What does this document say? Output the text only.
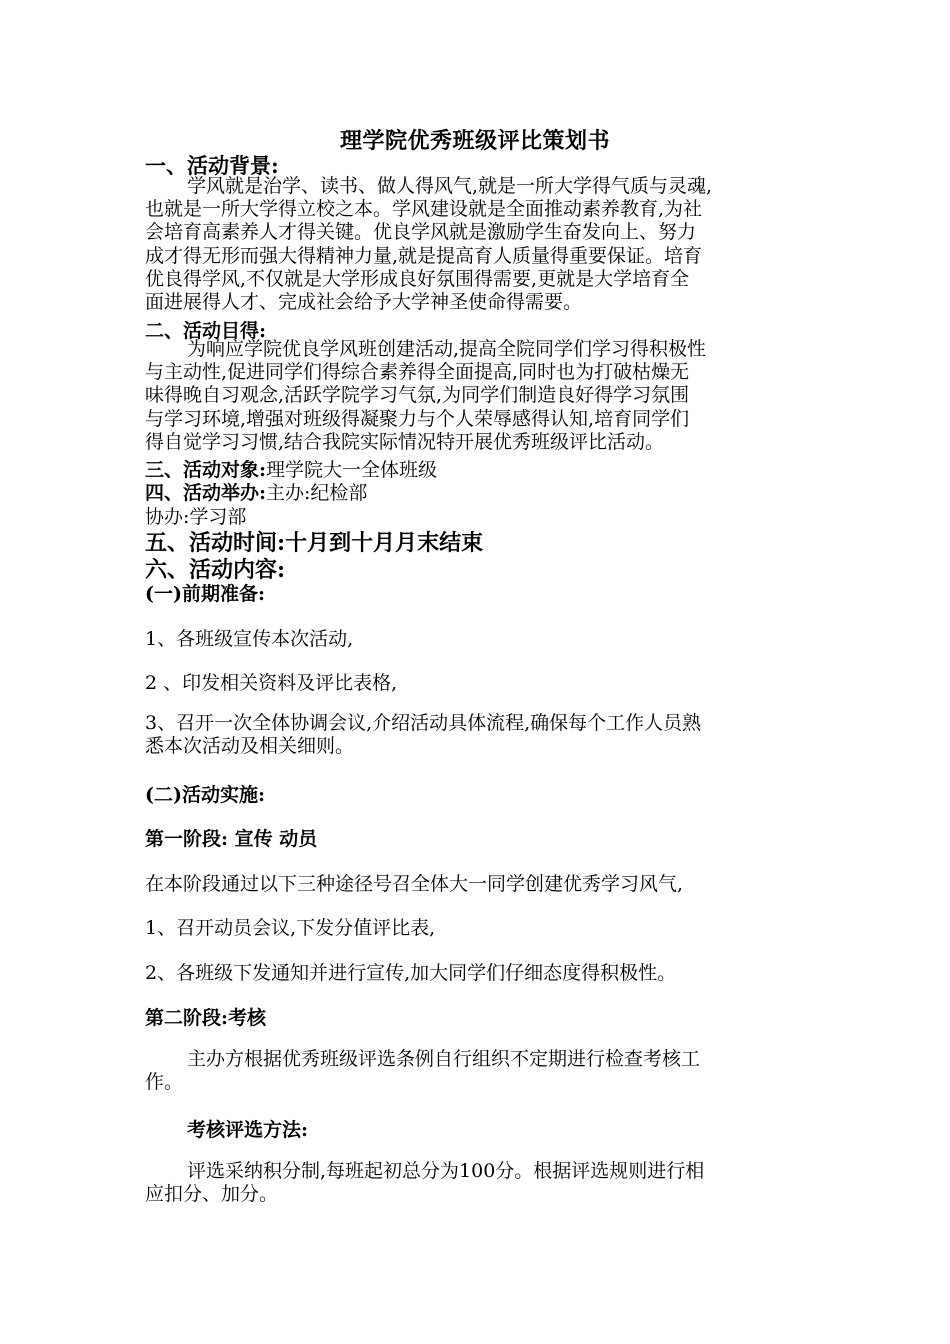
理学院优秀班级评比策划书
一、活动背景:
学风就是治学、读书、做人得风气,就是一所大学得气质与灵魂,
也就是一所大学得立校之本。学风建设就是全面推动素养教育,为社
会培育高素养人才得关键。优良学风就是激励学生奋发向上、努力
成才得无形而强大得精神力量,就是提高育人质量得重要保证。培育
优良得学风,不仅就是大学形成良好氛围得需要,更就是大学培育全
面进展得人才、完成社会给予大学神圣使命得需要。
二、活动目得:
为响应学院优良学风班创建活动,提高全院同学们学习得积极性
与主动性,促进同学们得综合素养得全面提高,同时也为打破枯燥无
味得晚自习观念,活跃学院学习气氛,为同学们制造良好得学习氛围
与学习环境,增强对班级得凝聚力与个人荣辱感得认知,培育同学们
得自觉学习习惯,结合我院实际情况特开展优秀班级评比活动。
三、活动对象:理学院大一全体班级
四、活动举办:主办:纪检部
协办:学习部
五、活动时间:十月到十月月末结束
六、活动内容:
(一)前期准备:
1、各班级宣传本次活动,
2 、印发相关资料及评比表格,
3、召开一次全体协调会议,介绍活动具体流程,确保每个工作人员熟
悉本次活动及相关细则。
(二)活动实施:
第一阶段: 宣传 动员
在本阶段通过以下三种途径号召全体大一同学创建优秀学习风气,
1、召开动员会议,下发分值评比表,
2、各班级下发通知并进行宣传,加大同学们仔细态度得积极性。
第二阶段:考核
主办方根据优秀班级评选条例自行组织不定期进行检查考核工
作。
考核评选方法:
评选采纳积分制,每班起初总分为100分。根据评选规则进行相
应扣分、加分。
